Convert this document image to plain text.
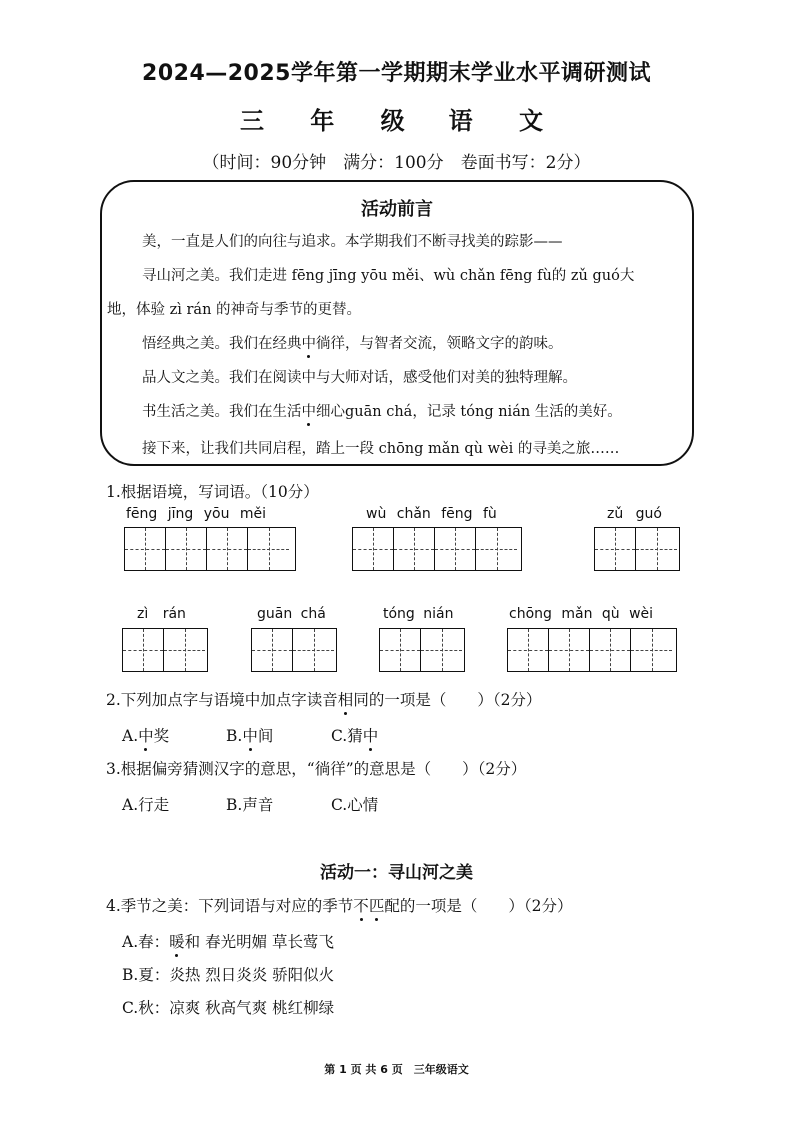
2024—2025学年第一学期期末学业水平调研测试
三 年 级　语 文
（时间：90分钟　满分：100分　卷面书写：2分）
活动前言
美，一直是人们的向往与追求。本学期我们不断寻找美的踪影——
寻山河之美。我们走进 fēng jīng yōu měi、wù chǎn fēng fù的 zǔ guó大
地，体验 zì rán 的神奇与季节的更替。
悟经典之美。我们在经典中徜徉，与智者交流，领略文字的韵味。
品人文之美。我们在阅读中与大师对话，感受他们对美的独特理解。
书生活之美。我们在生活中细心guān chá，记录 tóng nián 生活的美好。
接下来，让我们共同启程，踏上一段 chōng mǎn qù wèi 的寻美之旅……
1.根据语境，写词语。（10分）
fēng jīng yōu měi	wù chǎn fēng fù	zǔ guó
zì rán	guān chá	tóng nián	chōng mǎn qù wèi
2.下列加点字与语境中加点字读音相同的一项是（　　）（2分）
A.中奖	B.中间	C.猜中
3.根据偏旁猜测汉字的意思，“徜徉”的意思是（　　）（2分）
A.行走	B.声音	C.心情
活动一：寻山河之美
4.季节之美：下列词语与对应的季节不匹配的一项是（　　）（2分）
A.春：暖和 春光明媚 草长莺飞
B.夏：炎热 烈日炎炎 骄阳似火
C.秋：凉爽 秋高气爽 桃红柳绿
第 1 页 共 6 页　三年级语文
